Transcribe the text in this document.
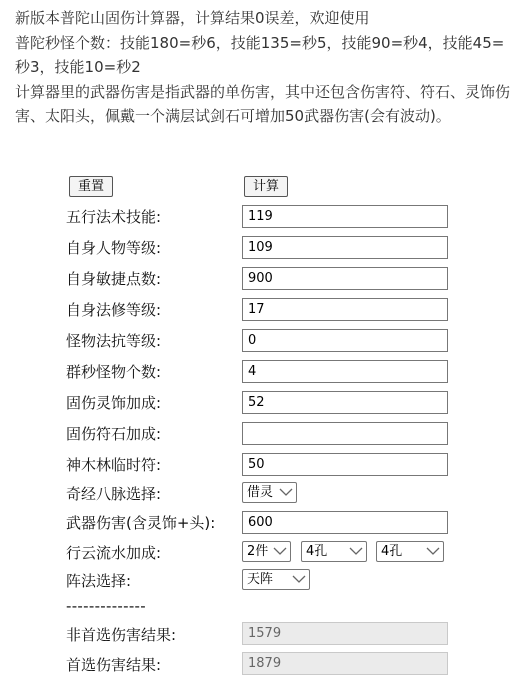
新版本普陀山固伤计算器，计算结果0误差，欢迎使用

普陀秒怪个数：技能180=秒6，技能135=秒5，技能90=秒4，技能45=秒3，技能10=秒2

计算器里的武器伤害是指武器的单伤害，其中还包含伤害符、符石、灵饰伤害、太阳头，佩戴一个满层试剑石可增加50武器伤害(会有波动)。

重置	计算
五行法术技能:
119
自身人物等级:
109
自身敏捷点数:
900
自身法修等级:
17
怪物法抗等级:
0
群秒怪物个数:
4
固伤灵饰加成:
52
固伤符石加成:
神木林临时符:
50
奇经八脉选择:	借灵
武器伤害(含灵饰+头):
600
行云流水加成:	2件	4孔	4孔
阵法选择:	天阵
--------------
非首选伤害结果:
1579
首选伤害结果:
1879
